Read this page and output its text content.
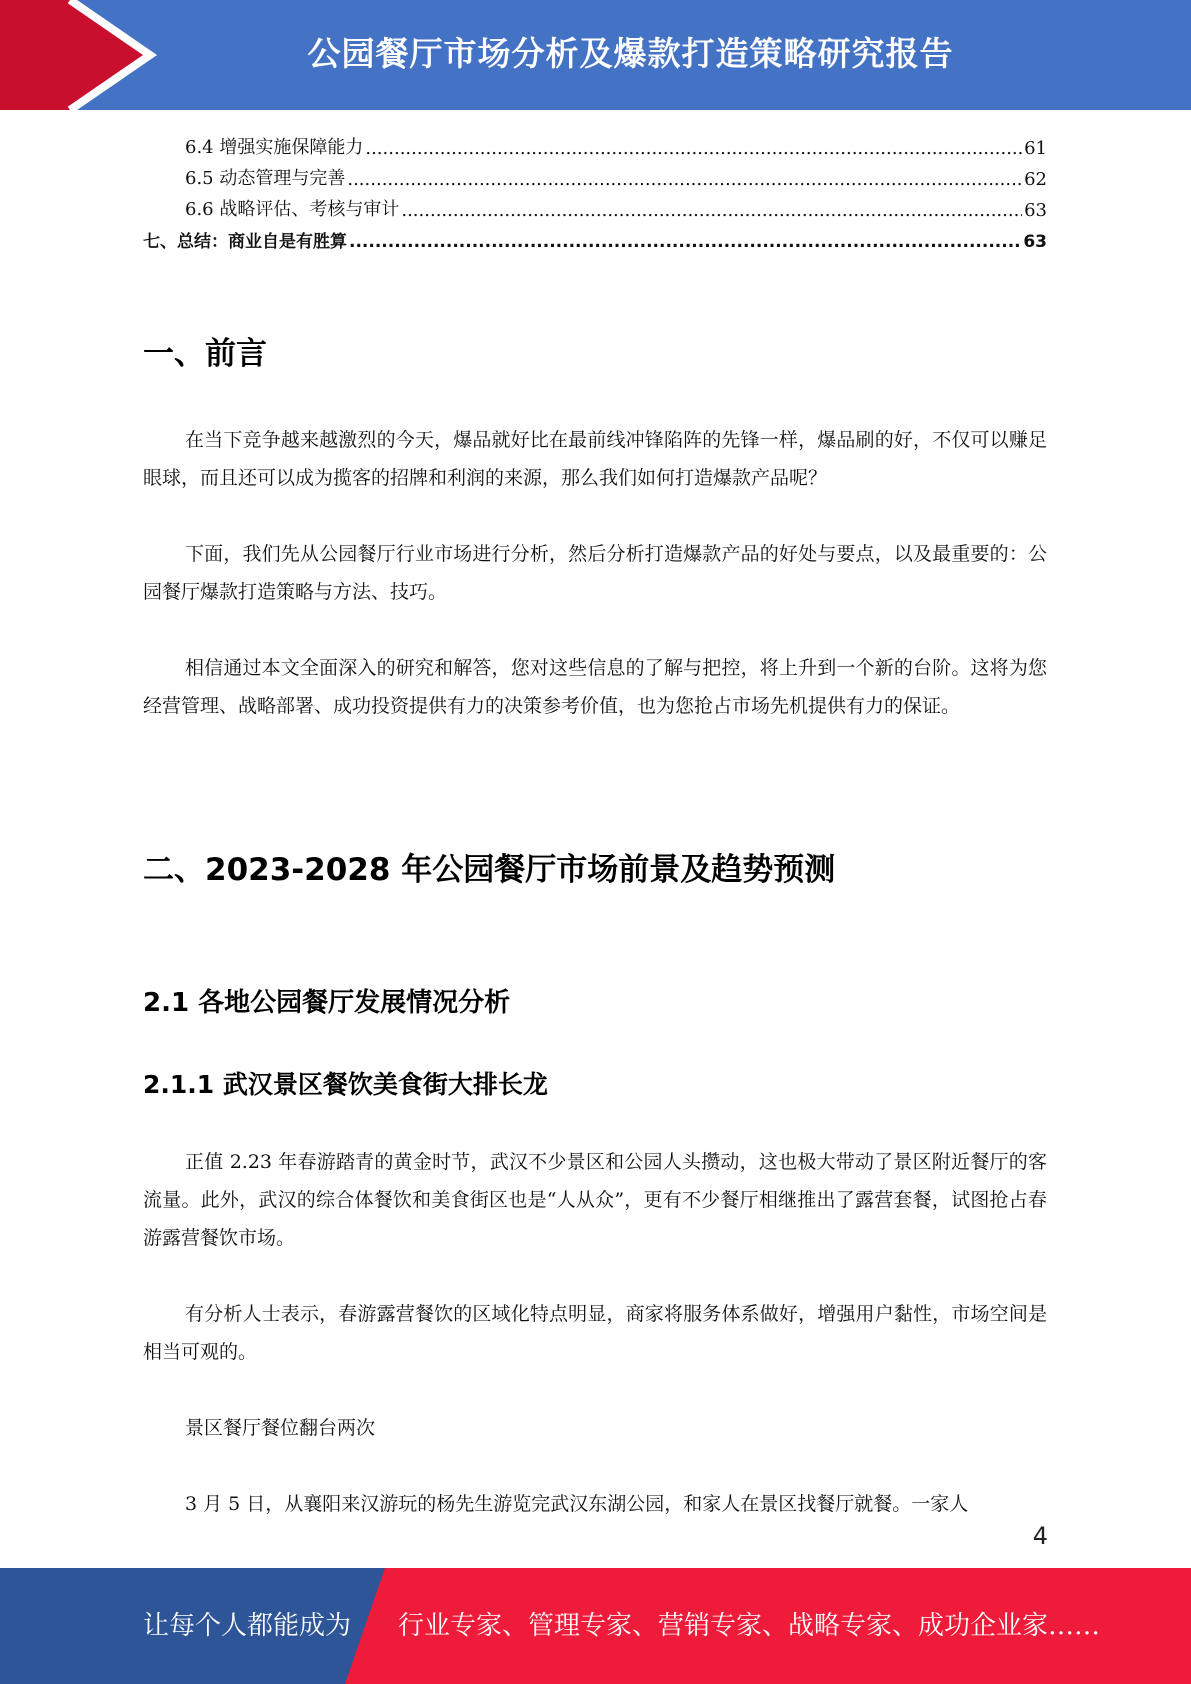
公园餐厅市场分析及爆款打造策略研究报告
6.4 增强实施保障能力 .....	61
6.5 动态管理与完善 .....	62
6.6 战略评估、考核与审计 .....	63
七、总结：商业自是有胜算 .....	63
一、前言

在当下竞争越来越激烈的今天，爆品就好比在最前线冲锋陷阵的先锋一样，爆品刷的好，不仅可以赚足眼球，而且还可以成为揽客的招牌和利润的来源，那么我们如何打造爆款产品呢？

下面，我们先从公园餐厅行业市场进行分析，然后分析打造爆款产品的好处与要点，以及最重要的：公园餐厅爆款打造策略与方法、技巧。

相信通过本文全面深入的研究和解答，您对这些信息的了解与把控，将上升到一个新的台阶。这将为您经营管理、战略部署、成功投资提供有力的决策参考价值，也为您抢占市场先机提供有力的保证。

二、2023-2028 年公园餐厅市场前景及趋势预测
2.1 各地公园餐厅发展情况分析
2.1.1 武汉景区餐饮美食街大排长龙

正值 2.23 年春游踏青的黄金时节，武汉不少景区和公园人头攒动，这也极大带动了景区附近餐厅的客流量。此外，武汉的综合体餐饮和美食街区也是“人从众”，更有不少餐厅相继推出了露营套餐，试图抢占春游露营餐饮市场。

有分析人士表示，春游露营餐饮的区域化特点明显，商家将服务体系做好，增强用户黏性，市场空间是相当可观的。

景区餐厅餐位翻台两次

3 月 5 日，从襄阳来汉游玩的杨先生游览完武汉东湖公园，和家人在景区找餐厅就餐。一家人

4
让每个人都能成为 行业专家、管理专家、营销专家、战略专家、成功企业家……
